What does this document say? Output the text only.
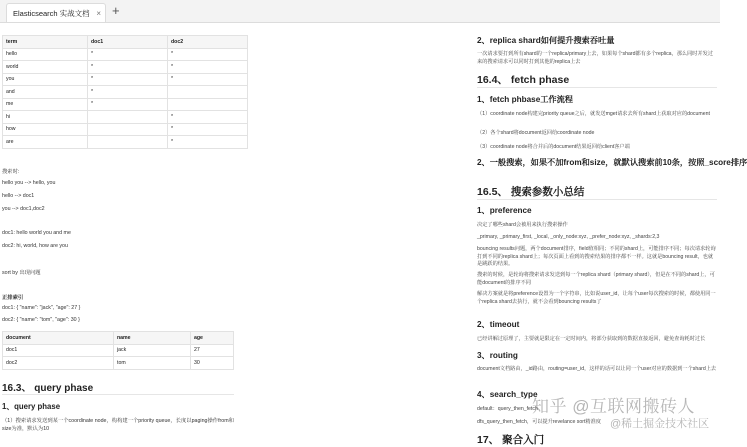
Elasticsearch 实战文档 × +
term	doc1	doc2
hello	*	*
world	*	*
you	*	*
and	*	
me	*	
hi		*
how		*
are		*
搜索时:
hello you --> hello, you
hello --> doc1
you --> doc1,doc2
doc1: hello world you and me
doc2: hi, world, how are you
sort by 出现问题
正排索引
doc1: { "name": "jack", "age": 27 }
doc2: { "name": "tom", "age": 30 }
document	name	age
doc1	jack	27
doc2	tom	30
16.3、 query phase
1、query phase
（1）搜索请求发送到某一个coordinate node，构构建一个priority queue，长度以paging操作from和size为准，默认为10
2、replica shard如何提升搜索吞吐量
一次请求要打到所有shard的一个replica/primary上去，如果每个shard都有多个replica，那么同时并发过来的搜索请求可以同时打到其他的replica上去
16.4、 fetch phase
1、fetch phbase工作流程
（1）coordinate node构建完priority queue之后，就发送mget请求去所有shard上获取对应的document
（2）各个shard将document返回给coordinate node
（3）coordinate node将合并后的document结果返回给client客户端
2、一般搜索，如果不加from和size，就默认搜索前10条，按照_score排序
16.5、 搜索参数小总结
1、preference
决定了哪些shard会被用来执行搜索操作
_primary, _primary_first, _local, _only_node:xyz, _prefer_node:xyz, _shards:2,3
bouncing results问题，两个document排序，field值相同；不同的shard上，可能排序不同；每次请求轮询打到不同的replica shard上；每次页面上看到的搜索结果的排序都不一样。这就是bouncing result，也就是跳跃的结果。
搜索的时候，是轮询将搜索请求发送到每一个replica shard（primary shard），但是在不同的shard上，可能document的排序不同
解决方案就是将preference设置为一个字符串，比如说user_id，让每个user每次搜索的时候，都使用同一个replica shard去执行，就不会看到bouncing results了
2、timeout
已经讲解过原理了，主要就是限定在一定时间内，将部分获取到的数据直接返回，避免查询耗时过长
3、routing
document文档路由，_id路由，routing=user_id，这样的话可以让同一个user对应的数据到一个shard上去
4、search_type
default：query_then_fetch
dfs_query_then_fetch，可以提升revelance sort精准度
17、 聚合入门
知乎 @互联网搬砖人
@稀土掘金技术社区
